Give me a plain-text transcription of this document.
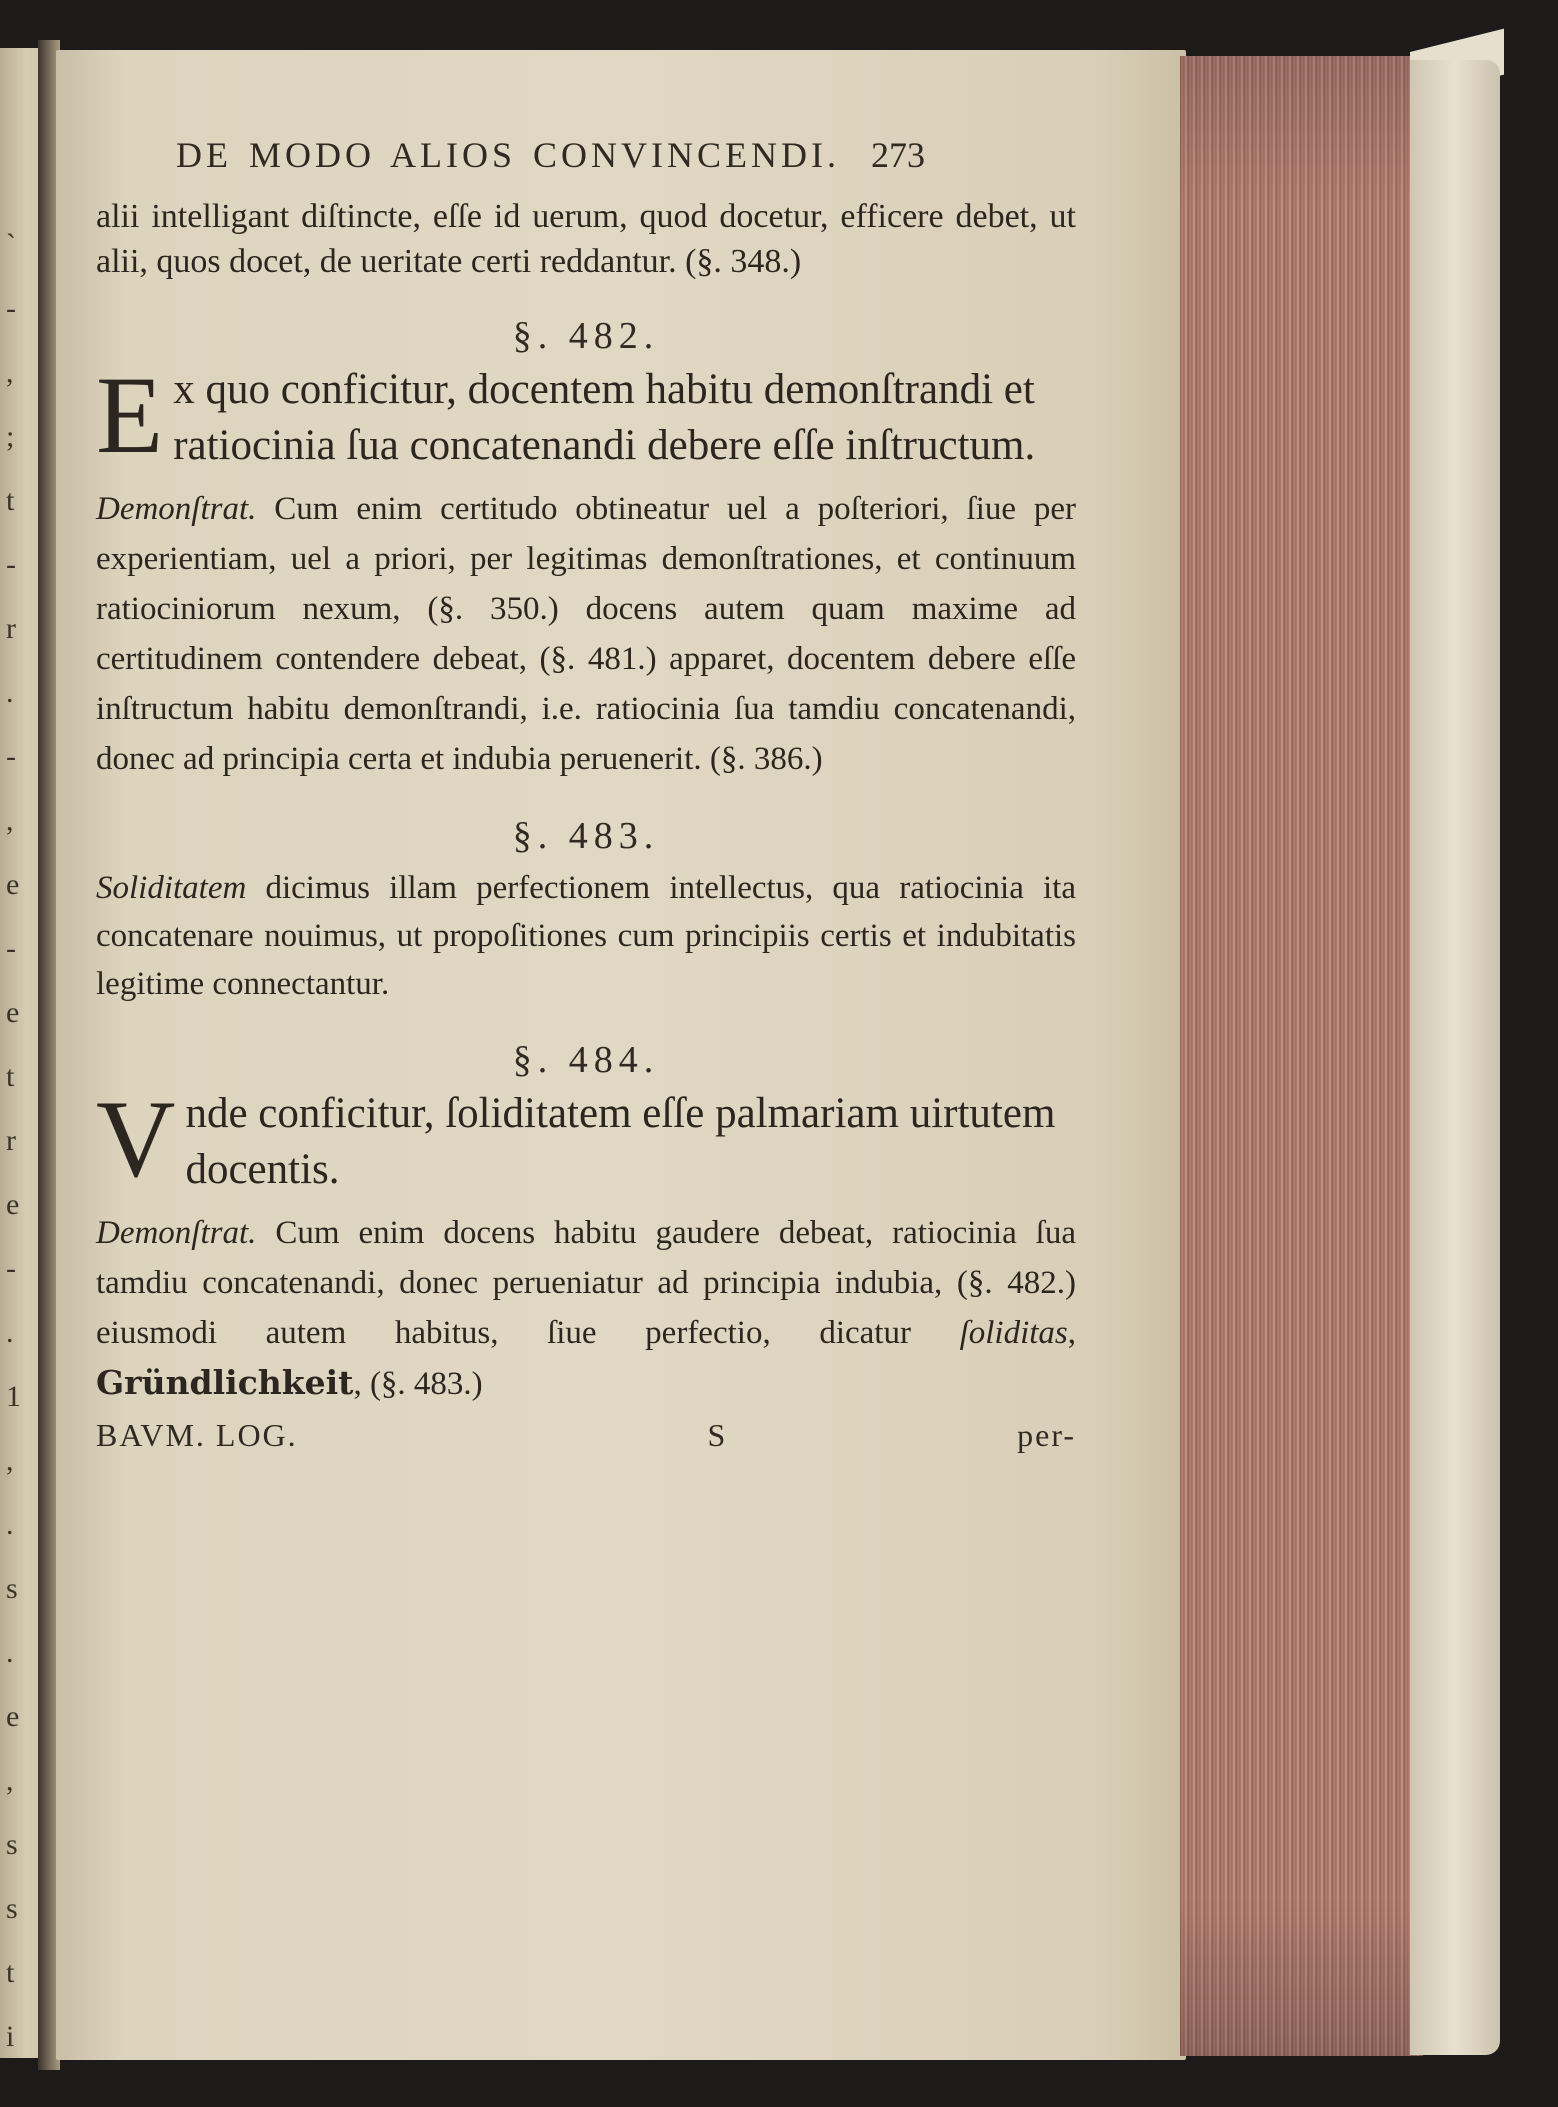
`
-
,
;
t
-
r
.
-
,
e
-
e
t
r
e
-
.
1
,
.
s
.
e
,
s
s
t
i
DE MODO ALIOS CONVINCENDI. 273

alii intelligant diſtincte, eſſe id uerum, quod docetur, efficere debet, ut alii, quos docet, de ueritate certi reddantur. (§. 348.)

§. 482.

Ex quo conficitur, docentem habitu demonſtrandi et ratiocinia ſua concatenandi debere eſſe inſtructum.

Demonſtrat. Cum enim certitudo obtineatur uel a poſteriori, ſiue per experientiam, uel a priori, per legitimas demonſtrationes, et continuum ratiociniorum nexum, (§. 350.) docens autem quam maxime ad certitudinem contendere debeat, (§. 481.) apparet, docentem debere eſſe inſtructum habitu demonſtrandi, i.e. ratiocinia ſua tamdiu concatenandi, donec ad principia certa et indubia peruenerit. (§. 386.)

§. 483.

Soliditatem dicimus illam perfectionem intellectus, qua ratiocinia ita concatenare nouimus, ut propoſitiones cum principiis certis et indubitatis legitime connectantur.

§. 484.

Vnde conficitur, ſoliditatem eſſe palmariam uirtutem docentis.

Demonſtrat. Cum enim docens habitu gaudere debeat, ratiocinia ſua tamdiu concatenandi, donec perueniatur ad principia indubia, (§. 482.) eiusmodi autem habitus, ſiue perfectio, dicatur ſoliditas, Gründlichkeit, (§. 483.)

BAVM. LOG.	S	per-
